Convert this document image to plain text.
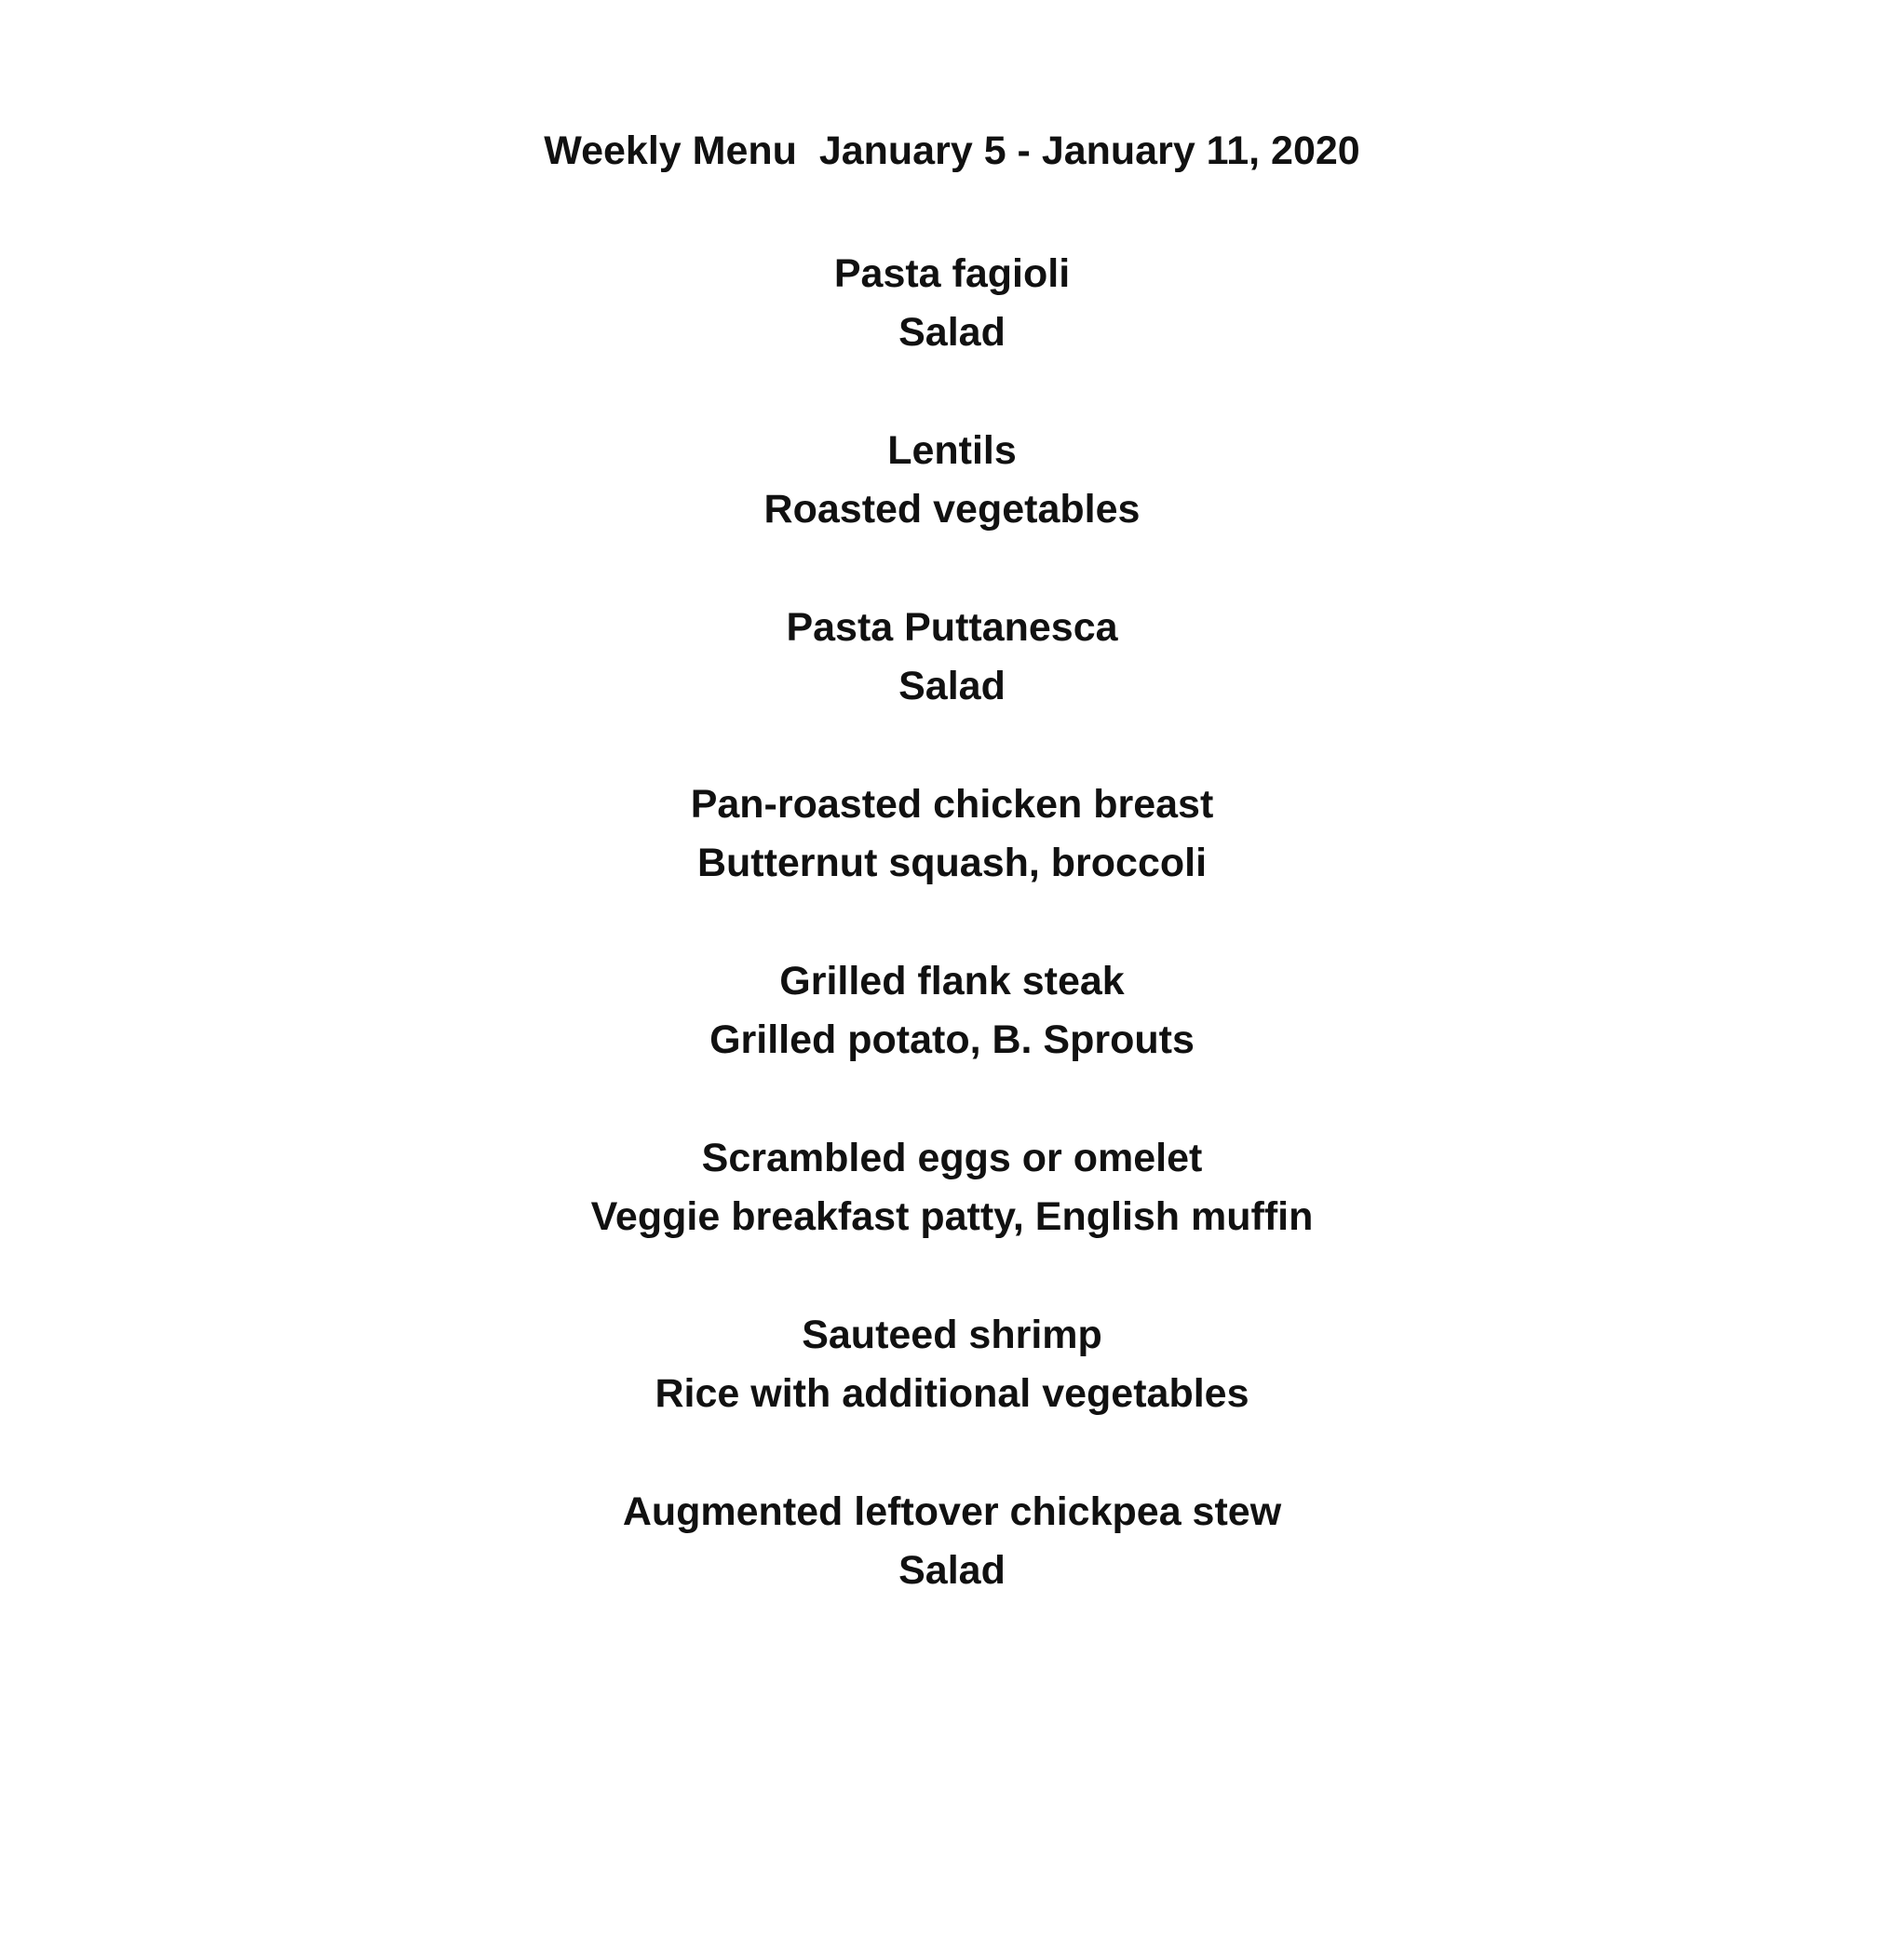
Weekly Menu  January 5 - January 11, 2020
Pasta fagioli
Salad
Lentils
Roasted vegetables
Pasta Puttanesca
Salad
Pan-roasted chicken breast
Butternut squash, broccoli
Grilled flank steak
Grilled potato, B. Sprouts
Scrambled eggs or omelet
Veggie breakfast patty, English muffin
Sauteed shrimp
Rice with additional vegetables
Augmented leftover chickpea stew
Salad
